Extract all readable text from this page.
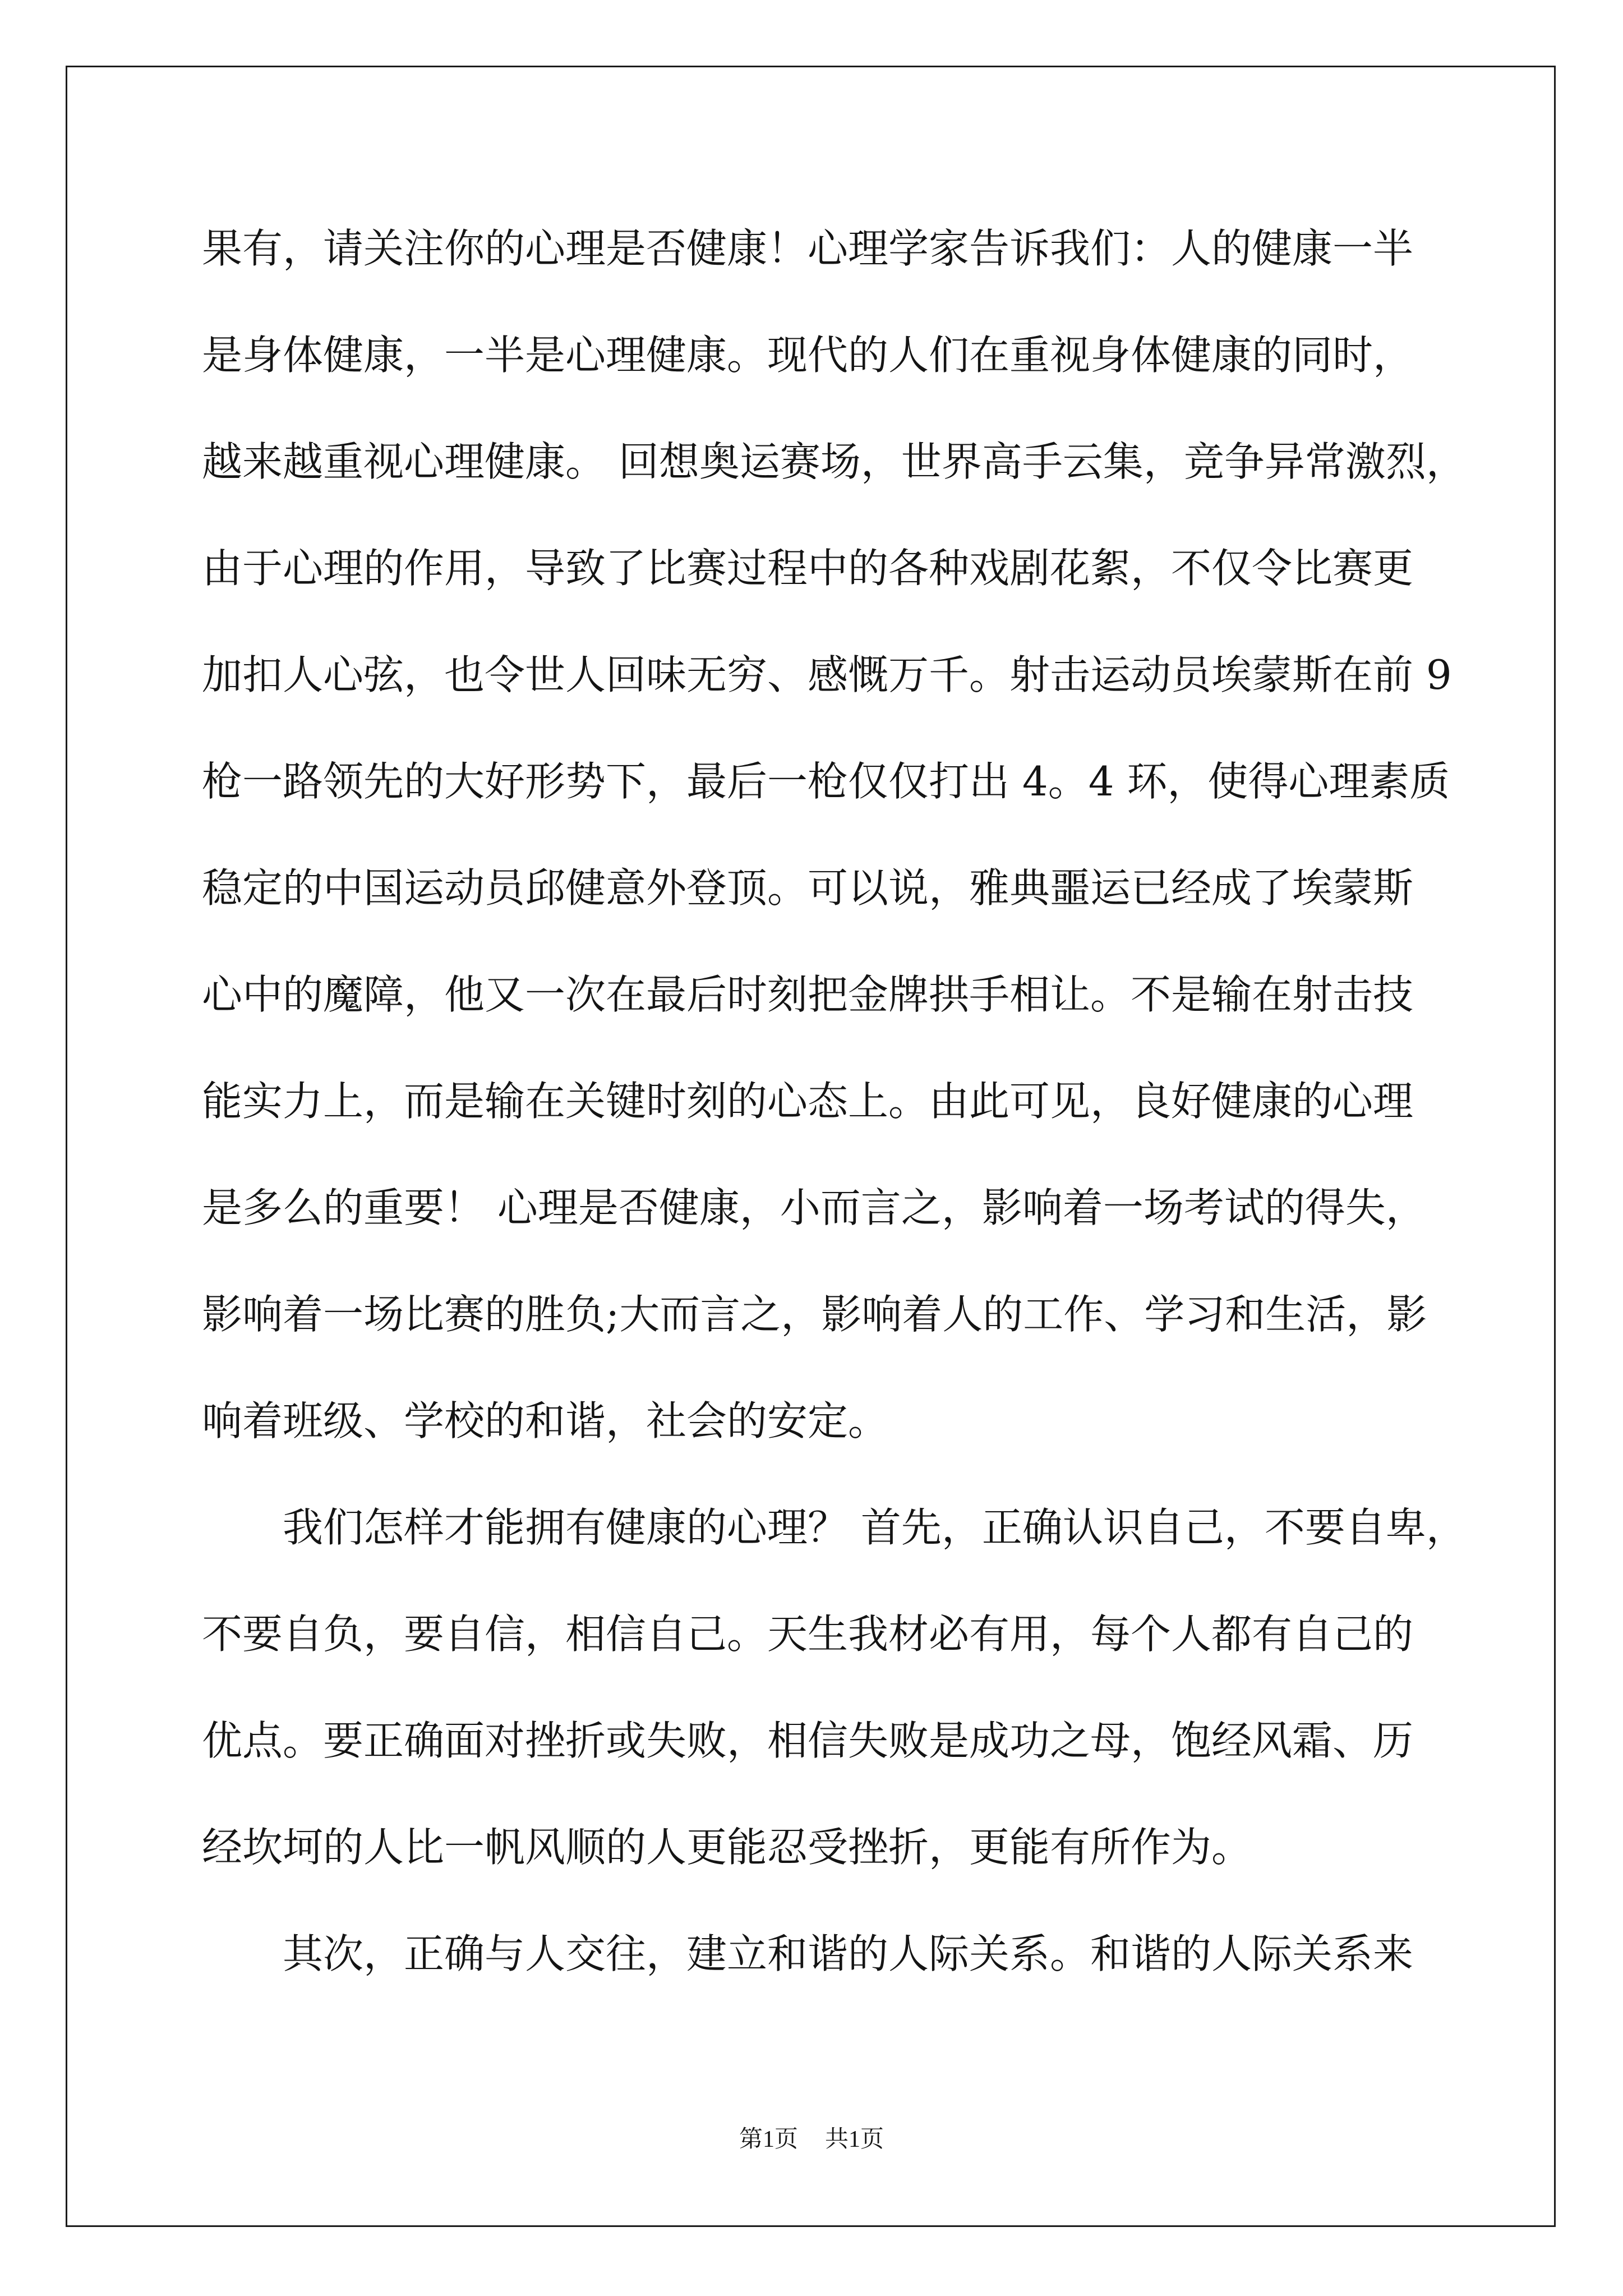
果有，请关注你的心理是否健康！心理学家告诉我们：人的健康一半
是身体健康，一半是心理健康。现代的人们在重视身体健康的同时，
越来越重视心理健康。 回想奥运赛场，世界高手云集，竞争异常激烈，
由于心理的作用，导致了比赛过程中的各种戏剧花絮，不仅令比赛更
加扣人心弦，也令世人回味无穷、感慨万千。射击运动员埃蒙斯在前 9
枪一路领先的大好形势下，最后一枪仅仅打出 4。4 环，使得心理素质
稳定的中国运动员邱健意外登顶。可以说，雅典噩运已经成了埃蒙斯
心中的魔障，他又一次在最后时刻把金牌拱手相让。不是输在射击技
能实力上，而是输在关键时刻的心态上。由此可见，良好健康的心理
是多么的重要！ 心理是否健康，小而言之，影响着一场考试的得失，
影响着一场比赛的胜负;大而言之，影响着人的工作、学习和生活，影
响着班级、学校的和谐，社会的安定。
我们怎样才能拥有健康的心理？ 首先，正确认识自己，不要自卑，
不要自负，要自信，相信自己。天生我材必有用，每个人都有自己的
优点。要正确面对挫折或失败，相信失败是成功之母，饱经风霜、历
经坎坷的人比一帆风顺的人更能忍受挫折，更能有所作为。
其次，正确与人交往，建立和谐的人际关系。和谐的人际关系来
第1页 共1页
